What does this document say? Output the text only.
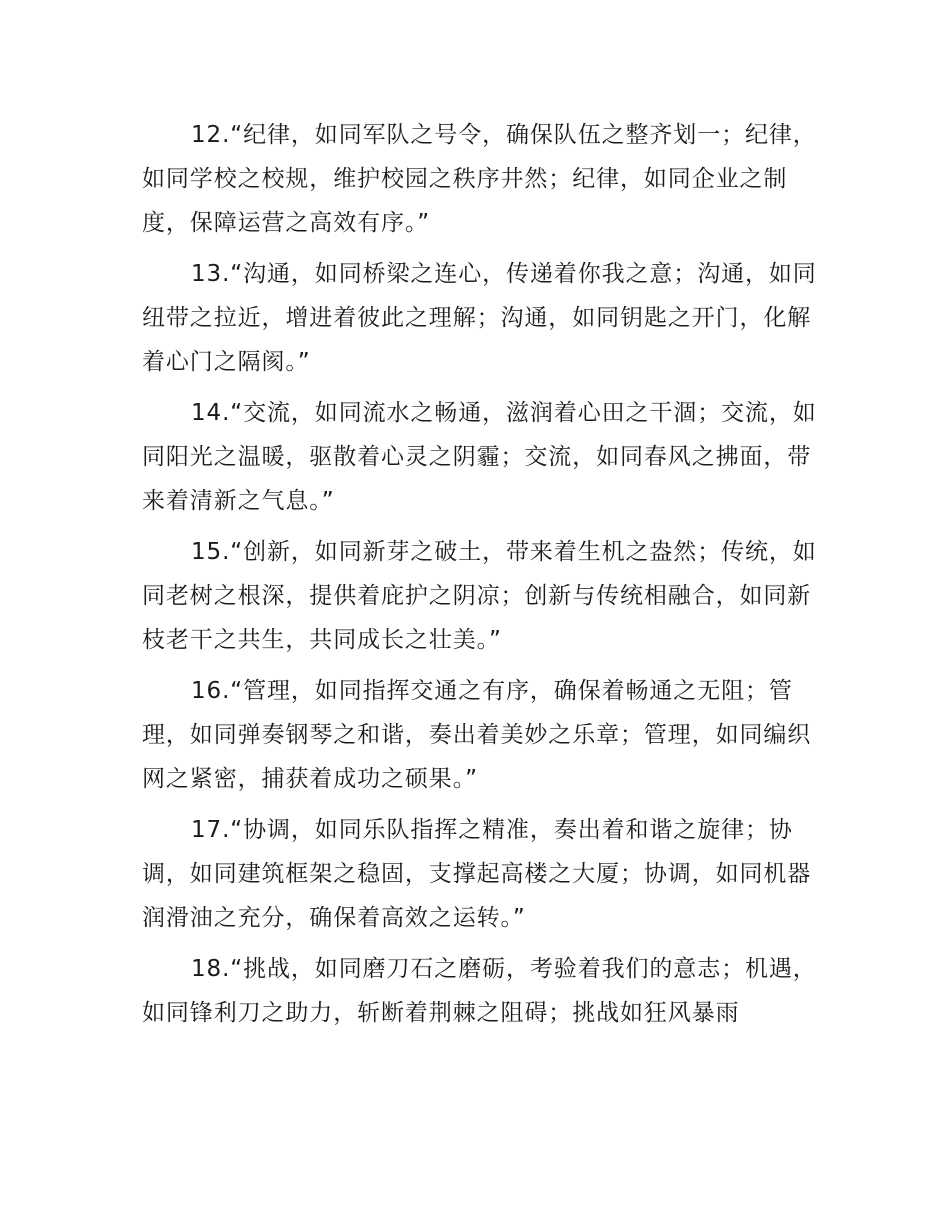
12.“纪律，如同军队之号令，确保队伍之整齐划一；纪律，如同学校之校规，维护校园之秩序井然；纪律，如同企业之制度，保障运营之高效有序。”

13.“沟通，如同桥梁之连心，传递着你我之意；沟通，如同纽带之拉近，增进着彼此之理解；沟通，如同钥匙之开门，化解着心门之隔阂。”

14.“交流，如同流水之畅通，滋润着心田之干涸；交流，如同阳光之温暖，驱散着心灵之阴霾；交流，如同春风之拂面，带来着清新之气息。”

15.“创新，如同新芽之破土，带来着生机之盎然；传统，如同老树之根深，提供着庇护之阴凉；创新与传统相融合，如同新枝老干之共生，共同成长之壮美。”

16.“管理，如同指挥交通之有序，确保着畅通之无阻；管理，如同弹奏钢琴之和谐，奏出着美妙之乐章；管理，如同编织网之紧密，捕获着成功之硕果。”

17.“协调，如同乐队指挥之精准，奏出着和谐之旋律；协调，如同建筑框架之稳固，支撑起高楼之大厦；协调，如同机器润滑油之充分，确保着高效之运转。”

18.“挑战，如同磨刀石之磨砺，考验着我们的意志；机遇，如同锋利刀之助力，斩断着荆棘之阻碍；挑战如狂风暴雨
